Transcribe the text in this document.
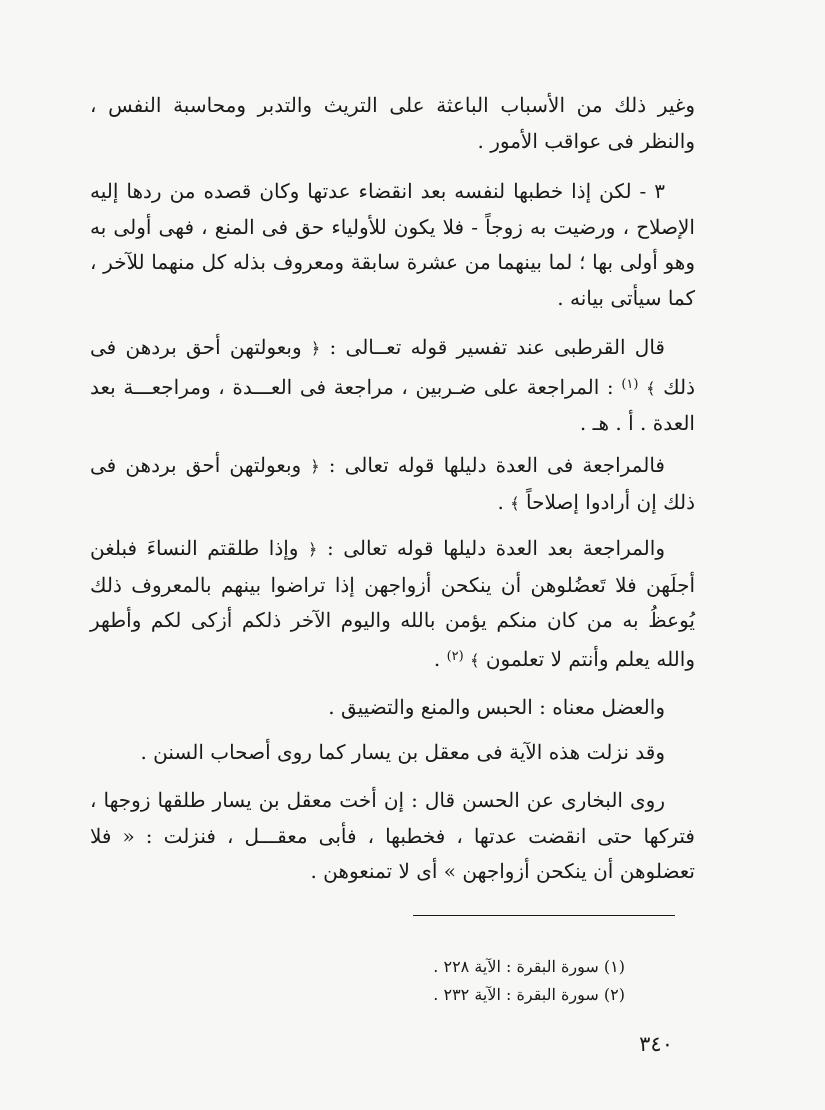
وغير ذلك من الأسباب الباعثة على التريث والتدبر ومحاسبة النفس ، والنظر فى عواقب الأمور .

٣ - لكن إذا خطبها لنفسه بعد انقضاء عدتها وكان قصده من ردها إليه الإصلاح ، ورضيت به زوجاً - فلا يكون للأولياء حق فى المنع ، فهى أولى به وهو أولى بها ؛ لما بينهما من عشرة سابقة ومعروف بذله كل منهما للآخر ، كما سيأتى بيانه .

قال القرطبى عند تفسير قوله تعــالى : ﴿ وبعولتهن أحق بردهن فى ذلك ﴾ $^{(١)}$ : المراجعة على ضـربين ، مراجعة فى العـــدة ، ومراجعـــة بعد العدة . أ . هـ .

فالمراجعة فى العدة دليلها قوله تعالى : ﴿ وبعولتهن أحق بردهن فى ذلك إن أرادوا إصلاحاً ﴾ .

والمراجعة بعد العدة دليلها قوله تعالى : ﴿ وإذا طلقتم النساءَ فبلغن أجلَهن فلا تَعضُلوهن أن ينكحن أزواجهن إذا تراضوا بينهم بالمعروف ذلك يُوعظُ به من كان منكم يؤمن بالله واليوم الآخر ذلكم أزكى لكم وأطهر والله يعلم وأنتم لا تعلمون ﴾ $^{(٢)}$ .

والعضل معناه : الحبس والمنع والتضييق .

وقد نزلت هذه الآية فى معقل بن يسار كما روى أصحاب السنن .

روى البخارى عن الحسن قال : إن أخت معقل بن يسار طلقها زوجها ، فتركها حتى انقضت عدتها ، فخطبها ، فأبى معقـــل ، فنزلت : « فلا تعضلوهن أن ينكحن أزواجهن » أى لا تمنعوهن .

(١) سورة البقرة : الآية ٢٢٨ .

(٢) سورة البقرة : الآية ٢٣٢ .

٣٤٠
